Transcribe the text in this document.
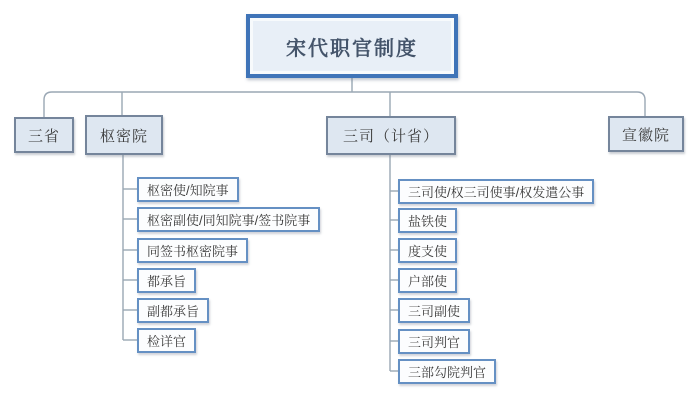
宋代职官制度
三省	枢密院	三司（计省）	宣徽院
枢密使/知院事
枢密副使/同知院事/签书院事
同签书枢密院事
都承旨
副都承旨
检详官
三司使/权三司使事/权发遣公事
盐铁使
度支使
户部使
三司副使
三司判官
三部勾院判官
